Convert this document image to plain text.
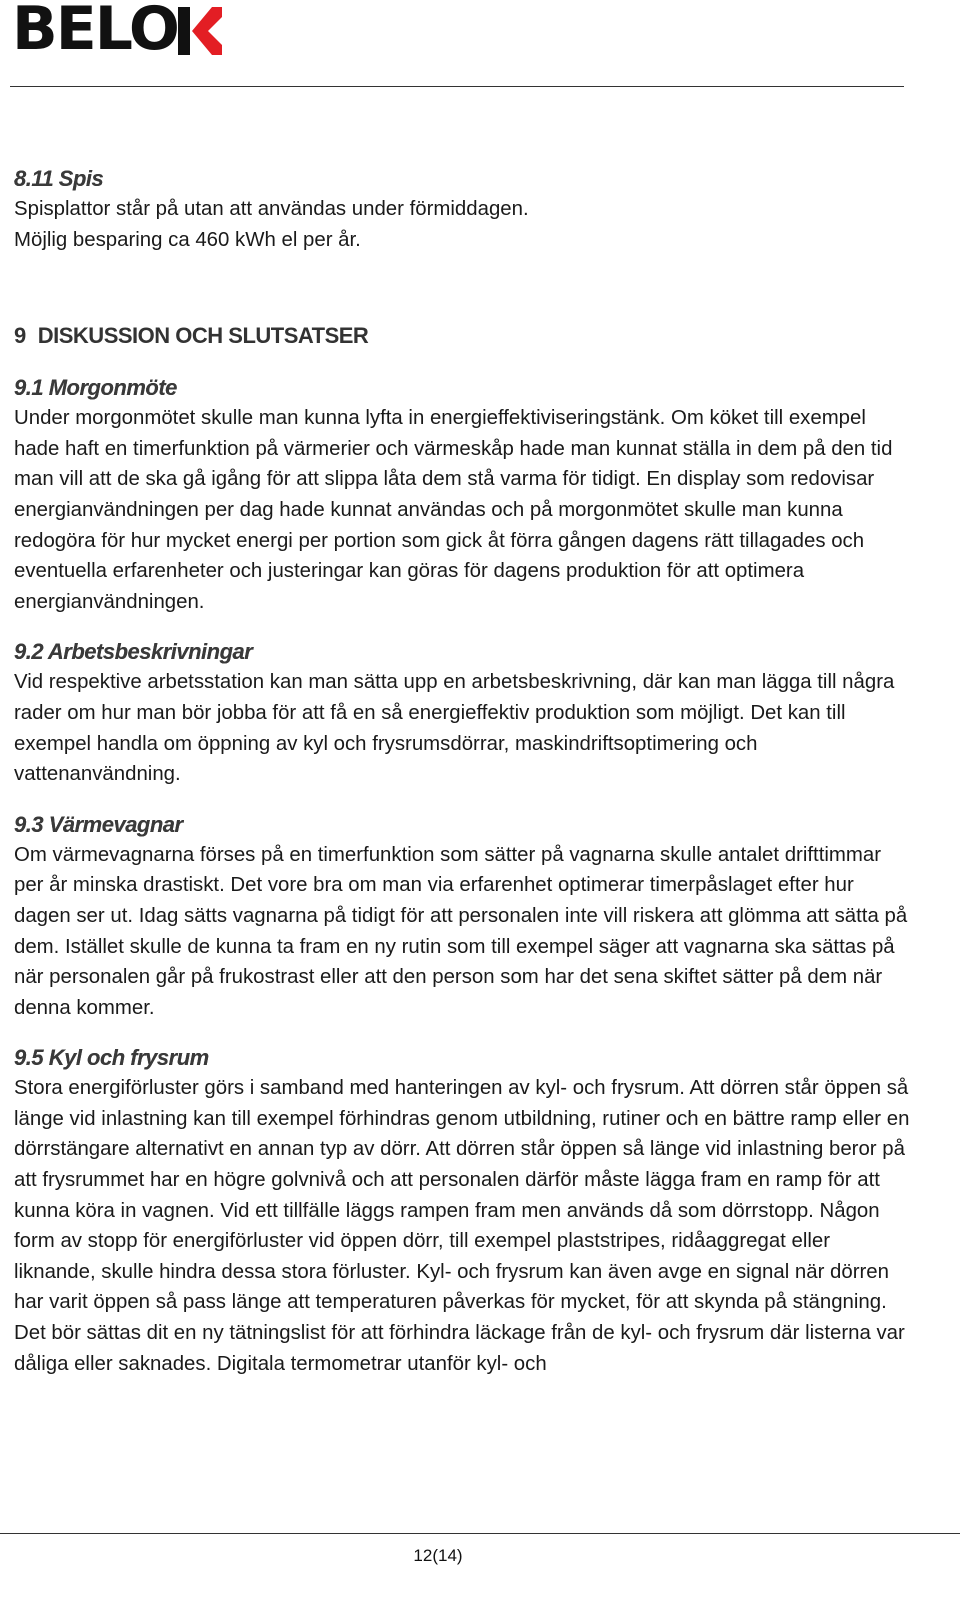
BELO
8.11 Spis

Spisplattor står på utan att användas under förmiddagen.

Möjlig besparing ca 460 kWh el per år.

9 DISKUSSION OCH SLUTSATSER
9.1 Morgonmöte

Under morgonmötet skulle man kunna lyfta in energieffektiviseringstänk. Om köket till exempel hade haft en timerfunktion på värmerier och värmeskåp hade man kunnat ställa in dem på den tid man vill att de ska gå igång för att slippa låta dem stå varma för tidigt. En display som redovisar energianvändningen per dag hade kunnat användas och på morgonmötet skulle man kunna redogöra för hur mycket energi per portion som gick åt förra gången dagens rätt tillagades och eventuella erfarenheter och justeringar kan göras för dagens produktion för att optimera energianvändningen.

9.2 Arbetsbeskrivningar

Vid respektive arbetsstation kan man sätta upp en arbetsbeskrivning, där kan man lägga till några rader om hur man bör jobba för att få en så energieffektiv produktion som möjligt. Det kan till exempel handla om öppning av kyl och frysrumsdörrar, maskindriftsoptimering och vattenanvändning.

9.3 Värmevagnar

Om värmevagnarna förses på en timerfunktion som sätter på vagnarna skulle antalet drifttimmar per år minska drastiskt. Det vore bra om man via erfarenhet optimerar timerpåslaget efter hur dagen ser ut. Idag sätts vagnarna på tidigt för att personalen inte vill riskera att glömma att sätta på dem. Istället skulle de kunna ta fram en ny rutin som till exempel säger att vagnarna ska sättas på när personalen går på frukostrast eller att den person som har det sena skiftet sätter på dem när denna kommer.

9.5 Kyl och frysrum

Stora energiförluster görs i samband med hanteringen av kyl- och frysrum. Att dörren står öppen så länge vid inlastning kan till exempel förhindras genom utbildning, rutiner och en bättre ramp eller en dörrstängare alternativt en annan typ av dörr. Att dörren står öppen så länge vid inlastning beror på att frysrummet har en högre golvnivå och att personalen därför måste lägga fram en ramp för att kunna köra in vagnen. Vid ett tillfälle läggs rampen fram men används då som dörrstopp. Någon form av stopp för energiförluster vid öppen dörr, till exempel plaststripes, ridåaggregat eller liknande, skulle hindra dessa stora förluster. Kyl- och frysrum kan även avge en signal när dörren har varit öppen så pass länge att temperaturen påverkas för mycket, för att skynda på stängning. Det bör sättas dit en ny tätningslist för att förhindra läckage från de kyl- och frysrum där listerna var dåliga eller saknades. Digitala termometrar utanför kyl- och

12(14)
